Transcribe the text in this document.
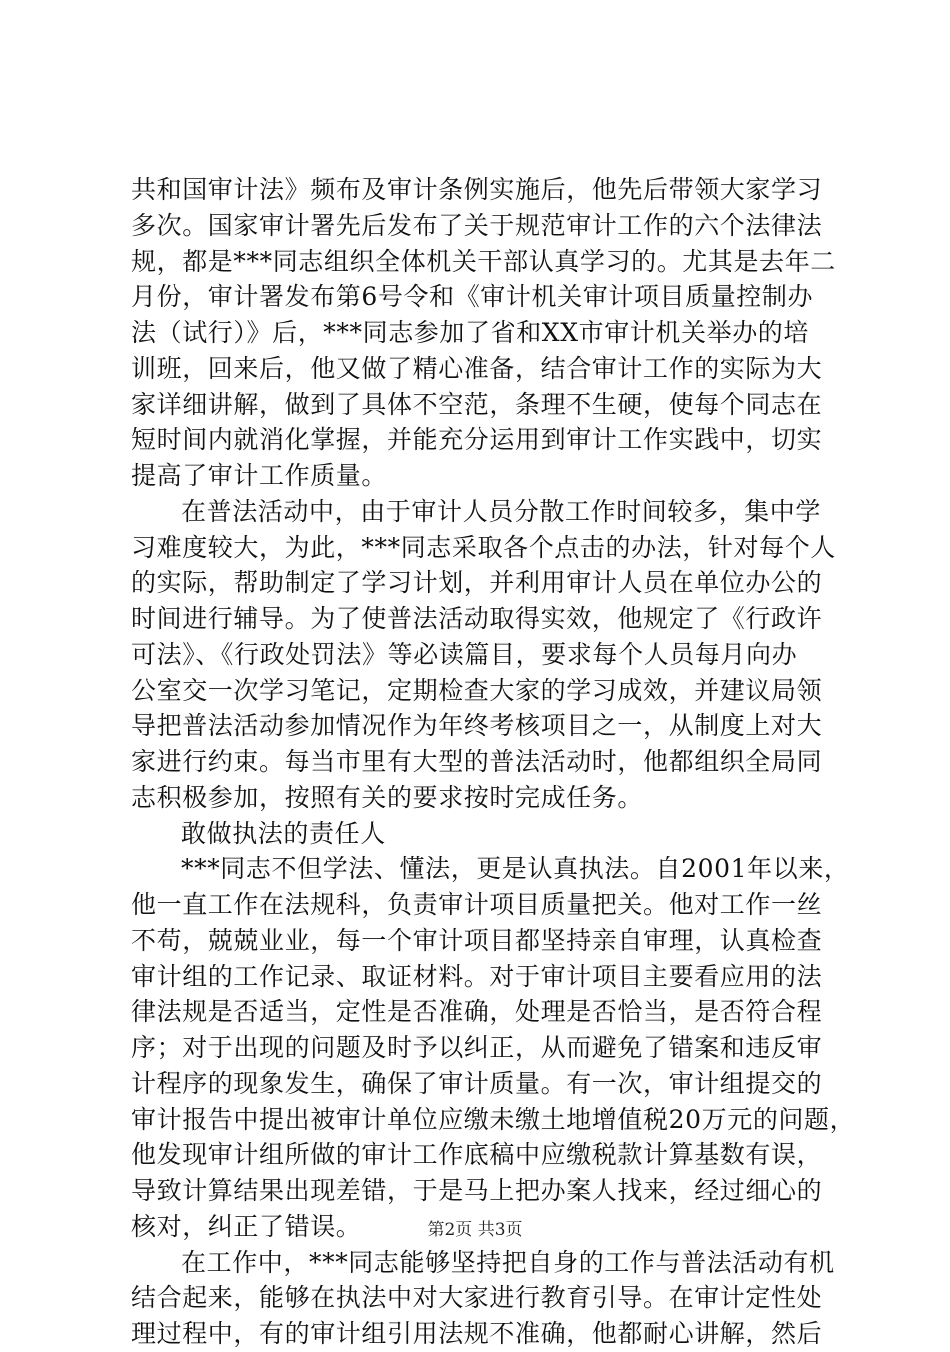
共和国审计法》频布及审计条例实施后，他先后带领大家学习
多次。国家审计署先后发布了关于规范审计工作的六个法律法
规，都是***同志组织全体机关干部认真学习的。尤其是去年二
月份，审计署发布第6号令和《审计机关审计项目质量控制办
法（试行）》后，***同志参加了省和XX市审计机关举办的培
训班，回来后，他又做了精心准备，结合审计工作的实际为大
家详细讲解，做到了具体不空范，条理不生硬，使每个同志在
短时间内就消化掌握，并能充分运用到审计工作实践中，切实
提高了审计工作质量。
在普法活动中，由于审计人员分散工作时间较多，集中学
习难度较大，为此，***同志采取各个点击的办法，针对每个人
的实际，帮助制定了学习计划，并利用审计人员在单位办公的
时间进行辅导。为了使普法活动取得实效，他规定了《行政许
可法》、《行政处罚法》等必读篇目，要求每个人员每月向办
公室交一次学习笔记，定期检查大家的学习成效，并建议局领
导把普法活动参加情况作为年终考核项目之一，从制度上对大
家进行约束。每当市里有大型的普法活动时，他都组织全局同
志积极参加，按照有关的要求按时完成任务。
敢做执法的责任人
***同志不但学法、懂法，更是认真执法。自2001年以来，
他一直工作在法规科，负责审计项目质量把关。他对工作一丝
不苟，兢兢业业，每一个审计项目都坚持亲自审理，认真检查
审计组的工作记录、取证材料。对于审计项目主要看应用的法
律法规是否适当，定性是否准确，处理是否恰当，是否符合程
序；对于出现的问题及时予以纠正，从而避免了错案和违反审
计程序的现象发生，确保了审计质量。有一次，审计组提交的
审计报告中提出被审计单位应缴未缴土地增值税20万元的问题，
他发现审计组所做的审计工作底稿中应缴税款计算基数有误，
导致计算结果出现差错，于是马上把办案人找来，经过细心的
核对，纠正了错误。
在工作中，***同志能够坚持把自身的工作与普法活动有机
结合起来，能够在执法中对大家进行教育引导。在审计定性处
理过程中，有的审计组引用法规不准确，他都耐心讲解，然后
第2页 共3页
